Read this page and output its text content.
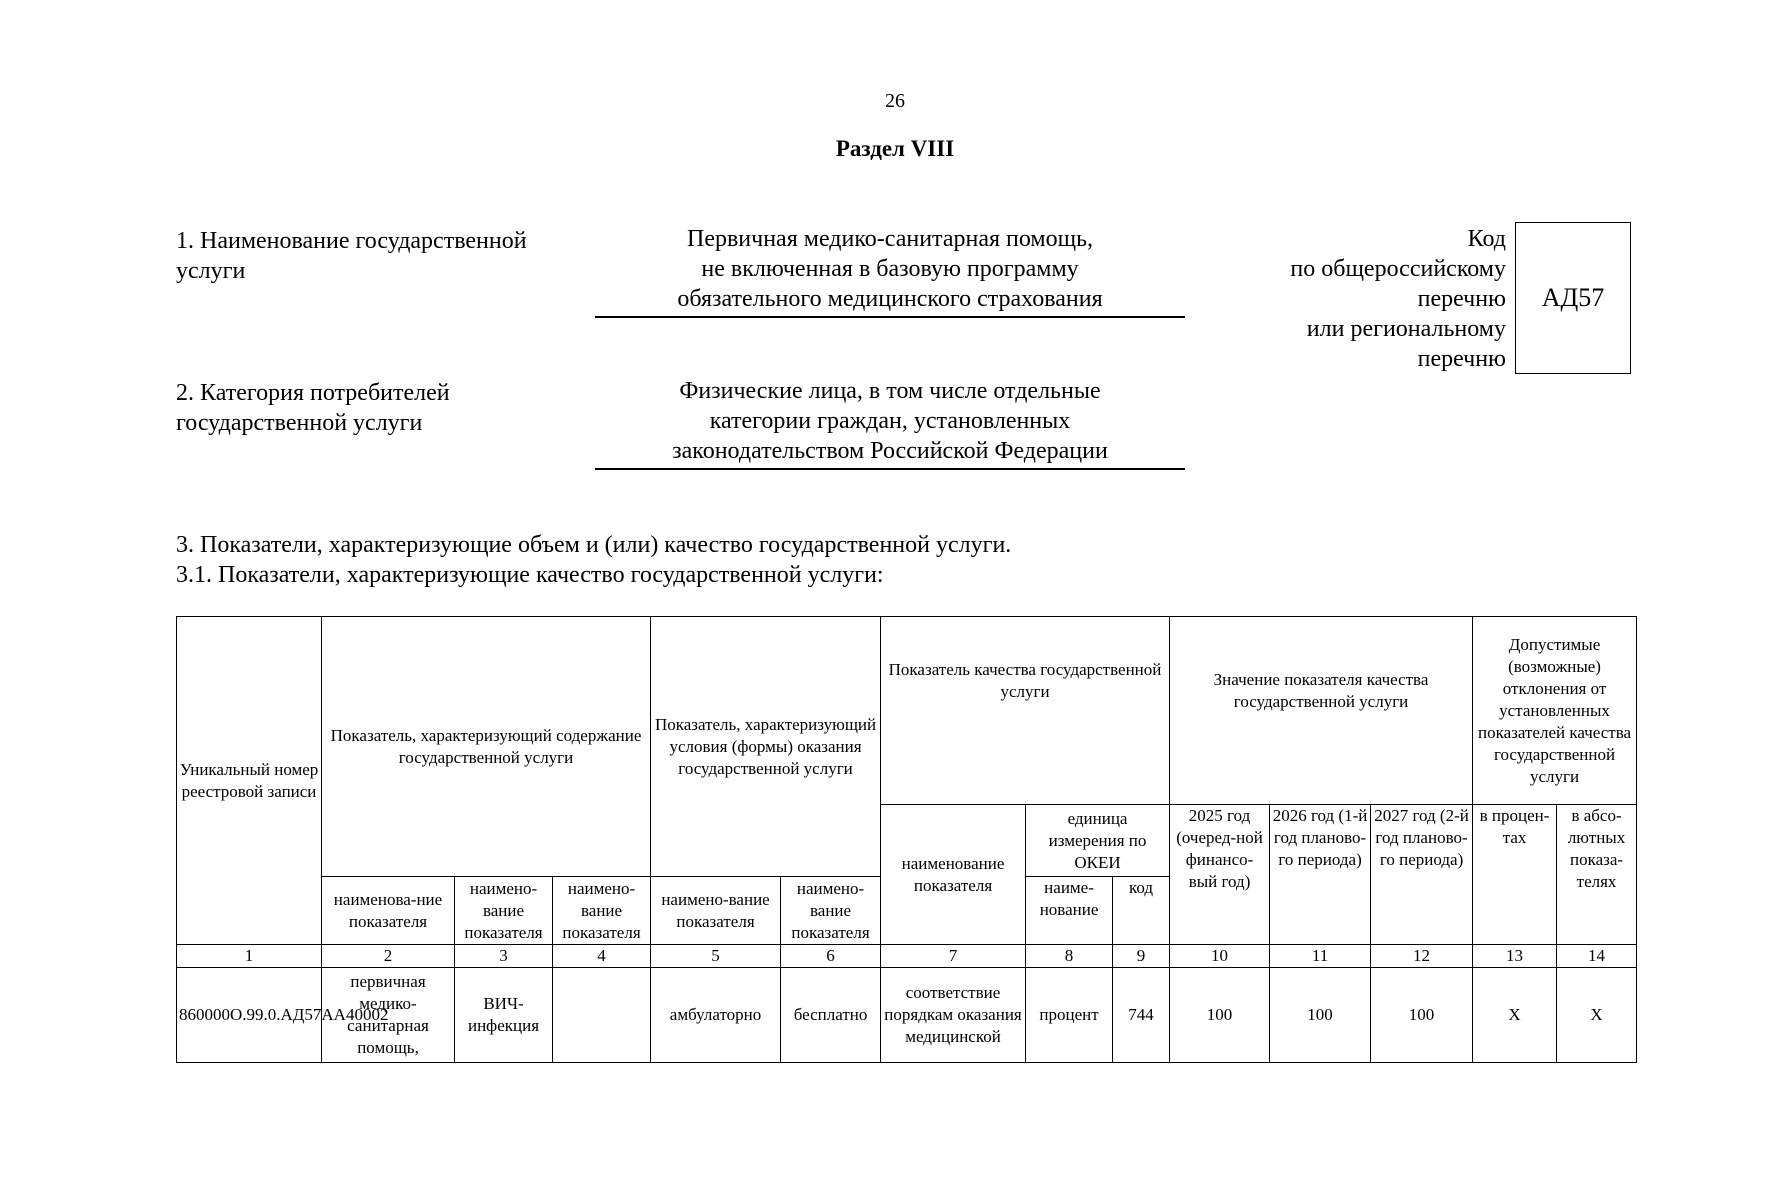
26
Раздел VIII
1. Наименование государственной услуги
Первичная медико-санитарная помощь,
не включенная в базовую программу
обязательного медицинского страхования
Код
по общероссийскому
перечню
или региональному
перечню
АД57
2. Категория потребителей государственной услуги
Физические лица, в том числе отдельные
категории граждан, установленных
законодательством Российской Федерации
3. Показатели, характеризующие объем и (или) качество государственной услуги.
3.1. Показатели, характеризующие качество государственной услуги:
Уникальный номер реестровой записи	Показатель, характеризующий содержание государственной услуги			Показатель, характеризующий условия (формы) оказания государственной услуги		Показатель качества государственной услуги			Значение показателя качества государственной услуги			Допустимые (возможные) отклонения от установленных показателей качества государственной услуги	
						наименование показателя	единица измерения по ОКЕИ		2025 год (очеред-ной финансо-вый год)	2026 год (1-й год планово-го периода)	2027 год (2-й год планово-го периода)	в процен-тах	в абсо-лютных показа-телях
	наименова-ние показателя	наимено-вание показателя	наимено-вание показателя	наимено-вание показателя	наимено-вание показателя		наиме-нование	код					
1	2	3	4	5	6	7	8	9	10	11	12	13	14
860000О.99.0.АД57АА40002	первичная медико-санитарная помощь,	ВИЧ-инфекция		амбулаторно	бесплатно	соответствие порядкам оказания медицинской	процент	744	100	100	100	X	X
